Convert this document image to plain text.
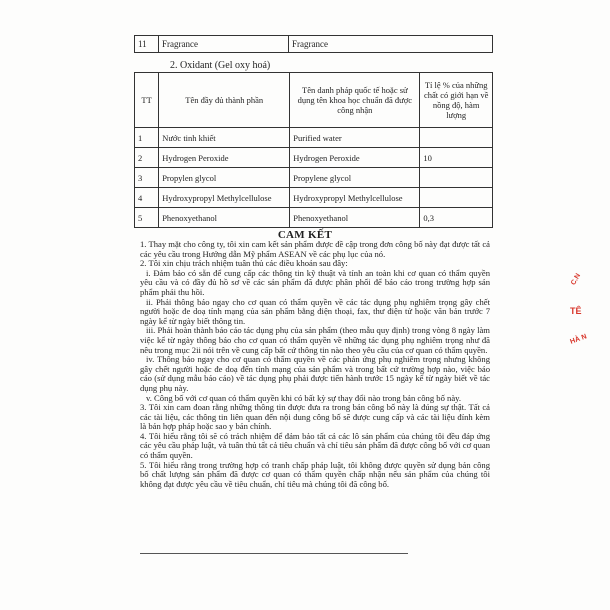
11	Fragrance	Fragrance
2. Oxidant (Gel oxy hoá)
TT	Tên đầy đủ thành phần	Tên danh pháp quốc tế hoặc sử dụng tên khoa học chuẩn đã được công nhận	Tỉ lệ % của những chất có giới hạn về nồng độ, hàm lượng
1	Nước tinh khiết	Purified water	
2	Hydrogen Peroxide	Hydrogen Peroxide	10
3	Propylen glycol	Propylene glycol	
4	Hydroxypropyl Methylcellulose	Hydroxypropyl Methylcellulose	
5	Phenoxyethanol	Phenoxyethanol	0,3
CAM KẾT

1. Thay mặt cho công ty, tôi xin cam kết sản phẩm được đề cập trong đơn công bố này đạt được tất cả các yêu cầu trong Hướng dẫn Mỹ phẩm ASEAN về các phụ lục của nó.

2. Tôi xin chịu trách nhiệm tuân thủ các điều khoản sau đây:

i. Đảm bảo có sẵn để cung cấp các thông tin kỹ thuật và tính an toàn khi cơ quan có thẩm quyền yêu cầu và có đầy đủ hồ sơ về các sản phẩm đã được phân phối để báo cáo trong trường hợp sản phẩm phải thu hồi.

ii. Phải thông báo ngay cho cơ quan có thẩm quyền về các tác dụng phụ nghiêm trọng gây chết người hoặc đe doạ tính mạng của sản phẩm bằng điện thoại, fax, thư điện tử hoặc văn bản trước 7 ngày kể từ ngày biết thông tin.

iii. Phải hoàn thành báo cáo tác dụng phụ của sản phẩm (theo mẫu quy định) trong vòng 8 ngày làm việc kể từ ngày thông báo cho cơ quan có thẩm quyền về những tác dụng phụ nghiêm trọng như đã nêu trong mục 2ii nói trên về cung cấp bất cứ thông tin nào theo yêu cầu của cơ quan có thẩm quyền.

iv. Thông báo ngay cho cơ quan có thẩm quyền về các phản ứng phụ nghiêm trọng nhưng không gây chết người hoặc đe doạ đến tính mạng của sản phẩm và trong bất cứ trường hợp nào, việc báo cáo (sử dụng mẫu báo cáo) về tác dụng phụ phải được tiến hành trước 15 ngày kể từ ngày biết về tác dụng phụ này.

v. Công bố với cơ quan có thẩm quyền khi có bất kỳ sự thay đổi nào trong bản công bố này.

3. Tôi xin cam đoan rằng những thông tin được đưa ra trong bản công bố này là đúng sự thật. Tất cả các tài liệu, các thông tin liên quan đến nội dung công bố sẽ được cung cấp và các tài liệu đính kèm là bản hợp pháp hoặc sao y bản chính.

4. Tôi hiểu rằng tôi sẽ có trách nhiệm để đảm bảo tất cả các lô sản phẩm của chúng tôi đều đáp ứng các yêu cầu pháp luật, và tuân thủ tất cả tiêu chuẩn và chỉ tiêu sản phẩm đã được công bố với cơ quan có thẩm quyền.

5. Tôi hiểu rằng trong trường hợp có tranh chấp pháp luật, tôi không được quyền sử dụng bản công bố chất lượng sản phẩm đã được cơ quan có thẩm quyền chấp nhận nếu sản phẩm của chúng tôi không đạt được yêu cầu về tiêu chuẩn, chỉ tiêu mà chúng tôi đã công bố.

C.N
TÊ
HÀ N
